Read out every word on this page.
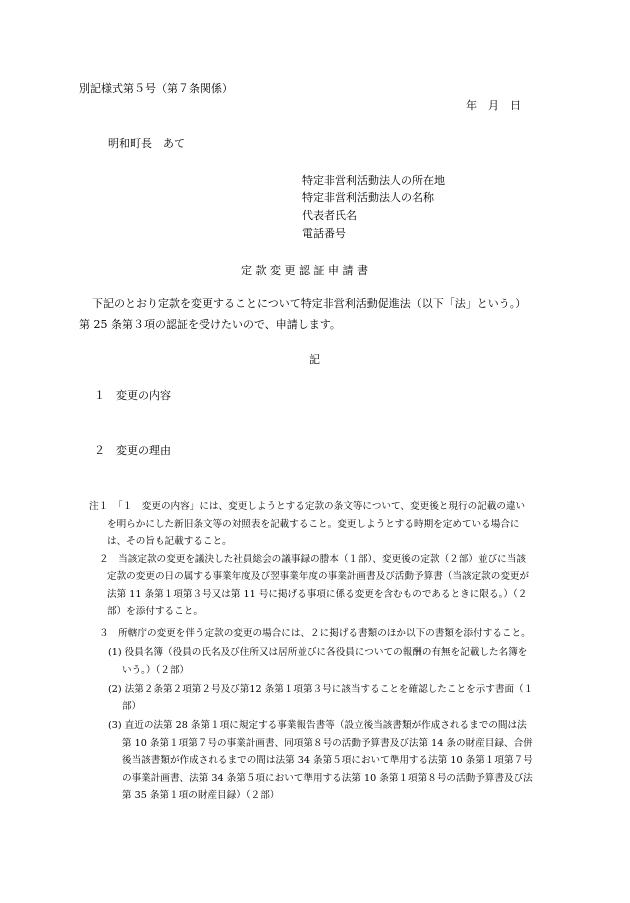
別記様式第５号（第７条関係）
年　月　日
明和町長　あて
特定非営利活動法人の所在地
特定非営利活動法人の名称
代表者氏名
電話番号
定 款 変 更 認 証 申 請 書
下記のとおり定款を変更することについて特定非営利活動促進法（以下「法」という。）
第 25 条第３項の認証を受けたいので、申請します。
記
１　変更の内容
２　変更の理由
注１　「１　変更の内容」には、変更しようとする定款の条文等について、変更後と現行の記載の違い
を明らかにした新旧条文等の対照表を記載すること。変更しようとする時期を定めている場合に
は、その旨も記載すること。
２　当該定款の変更を議決した社員総会の議事録の謄本（１部）、変更後の定款（２部）並びに当該
定款の変更の日の属する事業年度及び翌事業年度の事業計画書及び活動予算書（当該定款の変更が
法第 11 条第１項第３号又は第 11 号に掲げる事項に係る変更を含むものであるときに限る。）（２
部）を添付すること。
３　所轄庁の変更を伴う定款の変更の場合には、２に掲げる書類のほか以下の書類を添付すること。
(1) 役員名簿（役員の氏名及び住所又は居所並びに各役員についての報酬の有無を記載した名簿を
いう。）（２部）
(2) 法第２条第２項第２号及び第12 条第１項第３号に該当することを確認したことを示す書面（１
部）
(3) 直近の法第 28 条第１項に規定する事業報告書等（設立後当該書類が作成されるまでの間は法
第 10 条第１項第７号の事業計画書、同項第８号の活動予算書及び法第 14 条の財産目録、合併
後当該書類が作成されるまでの間は法第 34 条第５項において準用する法第 10 条第１項第７号
の事業計画書、法第 34 条第５項において準用する法第 10 条第１項第８号の活動予算書及び法
第 35 条第１項の財産目録）（２部）
